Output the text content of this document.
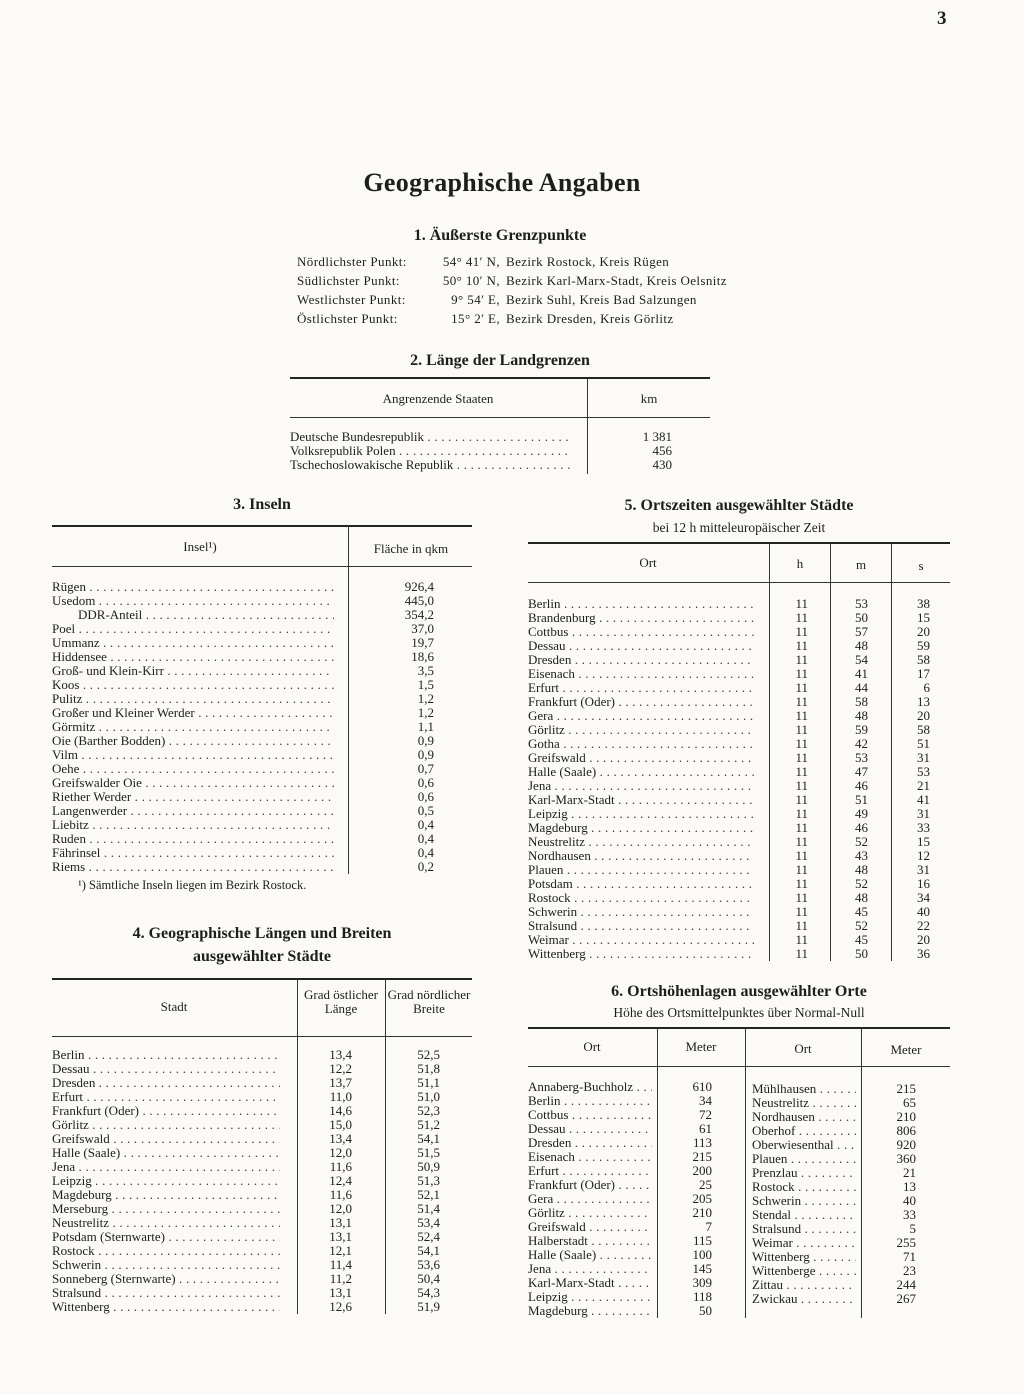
3
Geographische Angaben
1. Äußerste Grenzpunkte
Nördlichster Punkt:	54° 41′ N, Bezirk Rostock, Kreis Rügen
Südlichster Punkt:	50° 10′ N, Bezirk Karl-Marx-Stadt, Kreis Oelsnitz
Westlichster Punkt:	9° 54′ E, Bezirk Suhl, Kreis Bad Salzungen
Östlichster Punkt:	15° 2′ E, Bezirk Dresden, Kreis Görlitz
2. Länge der Landgrenzen
Angrenzende Staaten	km
Deutsche Bundesrepublik . . .	1 381
Volksrepublik Polen . . .	456
Tschechoslowakische Republik . . .	430
3. Inseln
Insel¹)	Fläche in qkm
Rügen . . .	926,4
Usedom . . .	445,0
DDR-Anteil . . .	354,2
Poel . . .	37,0
Ummanz . . .	19,7
Hiddensee . . .	18,6
Groß- und Klein-Kirr . . .	3,5
Koos . . .	1,5
Pulitz . . .	1,2
Großer und Kleiner Werder . . .	1,2
Görmitz . . .	1,1
Oie (Barther Bodden) . . .	0,9
Vilm . . .	0,9
Oehe . . .	0,7
Greifswalder Oie . . .	0,6
Riether Werder . . .	0,6
Langenwerder . . .	0,5
Liebitz . . .	0,4
Ruden . . .	0,4
Fährinsel . . .	0,4
Riems . . .	0,2
¹) Sämtliche Inseln liegen im Bezirk Rostock.
4. Geographische Längen und Breiten
ausgewählter Städte
Stadt
Grad östlicher Länge
Grad nördlicher Breite
Berlin . . .	13,4	52,5
Dessau . . .	12,2	51,8
Dresden . . .	13,7	51,1
Erfurt . . .	11,0	51,0
Frankfurt (Oder) . . .	14,6	52,3
Görlitz . . .	15,0	51,2
Greifswald . . .	13,4	54,1
Halle (Saale) . . .	12,0	51,5
Jena . . .	11,6	50,9
Leipzig . . .	12,4	51,3
Magdeburg . . .	11,6	52,1
Merseburg . . .	12,0	51,4
Neustrelitz . . .	13,1	53,4
Potsdam (Sternwarte) . . .	13,1	52,4
Rostock . . .	12,1	54,1
Schwerin . . .	11,4	53,6
Sonneberg (Sternwarte) . . .	11,2	50,4
Stralsund . . .	13,1	54,3
Wittenberg . . .	12,6	51,9
5. Ortszeiten ausgewählter Städte
bei 12 h mitteleuropäischer Zeit
Ort	h	m	s
Berlin . . .	11	53	38
Brandenburg . . .	11	50	15
Cottbus . . .	11	57	20
Dessau . . .	11	48	59
Dresden . . .	11	54	58
Eisenach . . .	11	41	17
Erfurt . . .	11	44	6
Frankfurt (Oder) . . .	11	58	13
Gera . . .	11	48	20
Görlitz . . .	11	59	58
Gotha . . .	11	42	51
Greifswald . . .	11	53	31
Halle (Saale) . . .	11	47	53
Jena . . .	11	46	21
Karl-Marx-Stadt . . .	11	51	41
Leipzig . . .	11	49	31
Magdeburg . . .	11	46	33
Neustrelitz . . .	11	52	15
Nordhausen . . .	11	43	12
Plauen . . .	11	48	31
Potsdam . . .	11	52	16
Rostock . . .	11	48	34
Schwerin . . .	11	45	40
Stralsund . . .	11	52	22
Weimar . . .	11	45	20
Wittenberg . . .	11	50	36
6. Ortshöhenlagen ausgewählter Orte
Höhe des Ortsmittelpunktes über Normal-Null
Ort	Meter	Ort	Meter
Annaberg-Buchholz . . .	610
Berlin . . .	34
Cottbus . . .	72
Dessau . . .	61
Dresden . . .	113
Eisenach . . .	215
Erfurt . . .	200
Frankfurt (Oder) . . .	25
Gera . . .	205
Görlitz . . .	210
Greifswald . . .	7
Halberstadt . . .	115
Halle (Saale) . . .	100
Jena . . .	145
Karl-Marx-Stadt . . .	309
Leipzig . . .	118
Magdeburg . . .	50
Mühlhausen . . .	215
Neustrelitz . . .	65
Nordhausen . . .	210
Oberhof . . .	806
Oberwiesenthal . . .	920
Plauen . . .	360
Prenzlau . . .	21
Rostock . . .	13
Schwerin . . .	40
Stendal . . .	33
Stralsund . . .	5
Weimar . . .	255
Wittenberg . . .	71
Wittenberge . . .	23
Zittau . . .	244
Zwickau . . .	267
